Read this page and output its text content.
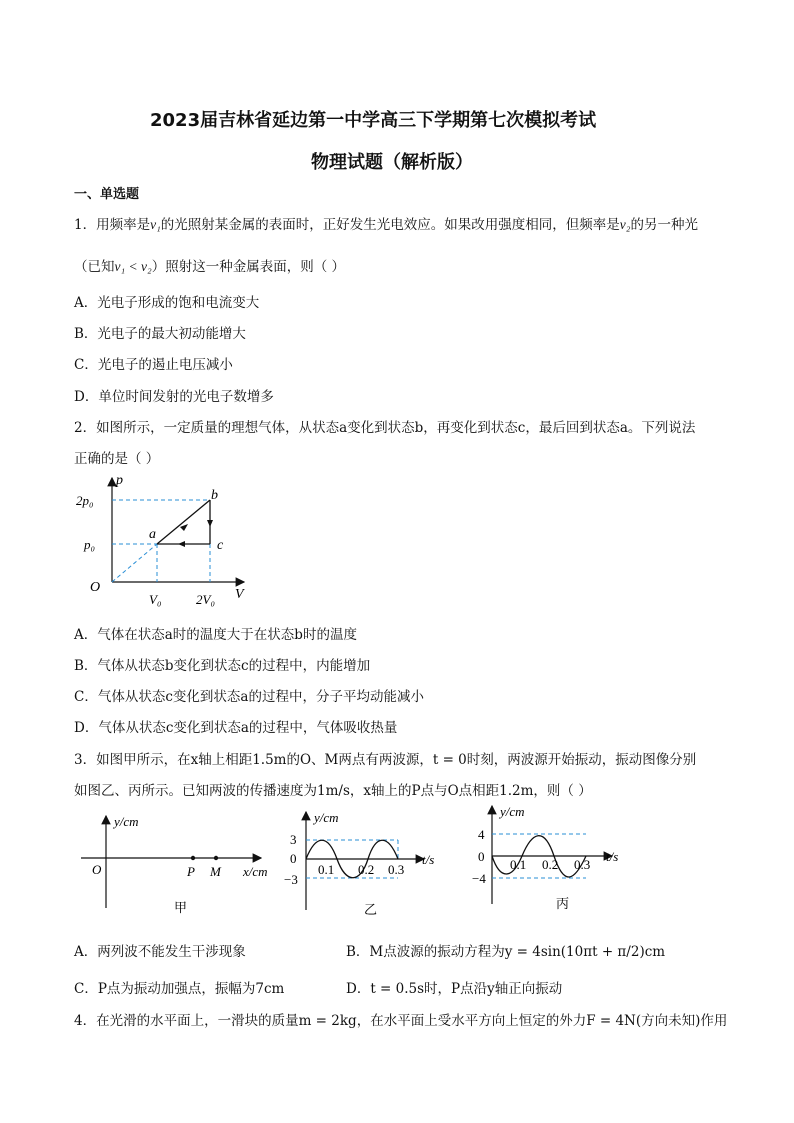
2023届吉林省延边第一中学高三下学期第七次模拟考试
物理试题（解析版）
一、单选题
1．用频率是ν₁的光照射某金属的表面时，正好发生光电效应。如果改用强度相同，但频率是ν₂的另一种光
（已知ν₁ < ν₂）照射这一种金属表面，则（ ）
A．光电子形成的饱和电流变大
B．光电子的最大初动能增大
C．光电子的遏止电压减小
D．单位时间发射的光电子数增多
2．如图所示，一定质量的理想气体，从状态a变化到状态b，再变化到状态c，最后回到状态a。下列说法
正确的是（ ）
p
V
O
2p₀
p₀
V₀	2V₀
a
b
c
A．气体在状态a时的温度大于在状态b时的温度
B．气体从状态b变化到状态c的过程中，内能增加
C．气体从状态c变化到状态a的过程中，分子平均动能减小
D．气体从状态c变化到状态a的过程中，气体吸收热量
3．如图甲所示，在x轴上相距1.5m的O、M两点有两波源，t = 0时刻，两波源开始振动，振动图像分别
如图乙、丙所示。已知两波的传播速度为1m/s，x轴上的P点与O点相距1.2m，则（ ）
y/cm
x/cm
O	P M
甲
y/cm
t/s
3
0
−3
0.1 0.2 0.3
乙
y/cm
t/s
4
0
−4
0.1 0.2 0.3
丙
A．两列波不能发生干涉现象	B．M点波源的振动方程为y = 4sin(10πt + π/2)cm
C．P点为振动加强点，振幅为7cm	D．t = 0.5s时，P点沿y轴正向振动
4．在光滑的水平面上，一滑块的质量m = 2kg，在水平面上受水平方向上恒定的外力F = 4N(方向未知)作用
